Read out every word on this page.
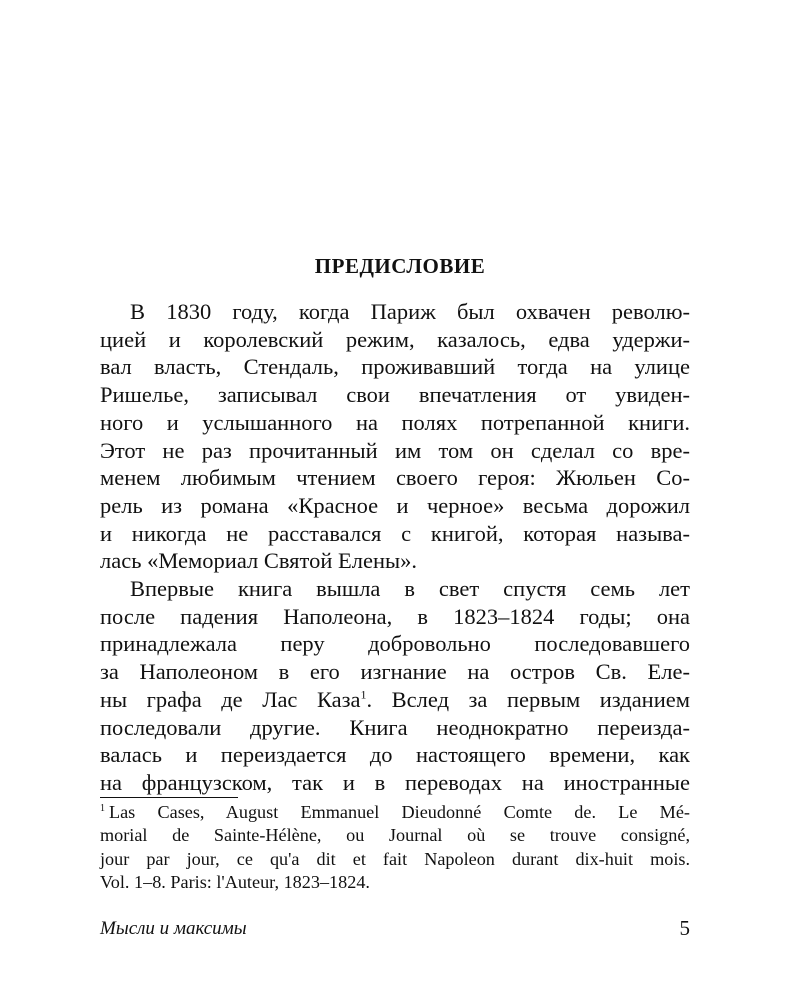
ПРЕДИСЛОВИЕ
В 1830 году, когда Париж был охвачен револю-
цией и королевский режим, казалось, едва удержи-
вал власть, Стендаль, проживавший тогда на улице
Ришелье, записывал свои впечатления от увиден-
ного и услышанного на полях потрепанной книги.
Этот не раз прочитанный им том он сделал со вре-
менем любимым чтением своего героя: Жюльен Со-
рель из романа «Красное и черное» весьма дорожил
и никогда не расставался с книгой, которая называ-
лась «Мемориал Святой Елены».
Впервые книга вышла в свет спустя семь лет
после падения Наполеона, в 1823–1824 годы; она
принадлежала перу добровольно последовавшего
за Наполеоном в его изгнание на остров Св. Еле-
ны графа де Лас Каза$^1$. Вслед за первым изданием
последовали другие. Книга неоднократно переизда-
валась и переиздается до настоящего времени, как
на французском, так и в переводах на иностранные
$^1$ Las Cases, August Emmanuel Dieudonné Comte de. Le Mé-
morial de Sainte-Hélène, ou Journal où se trouve consigné,
jour par jour, ce qu'a dit et fait Napoleon durant dix-huit mois.
Vol. 1–8. Paris: l'Auteur, 1823–1824.
Мысли и максимы	5
